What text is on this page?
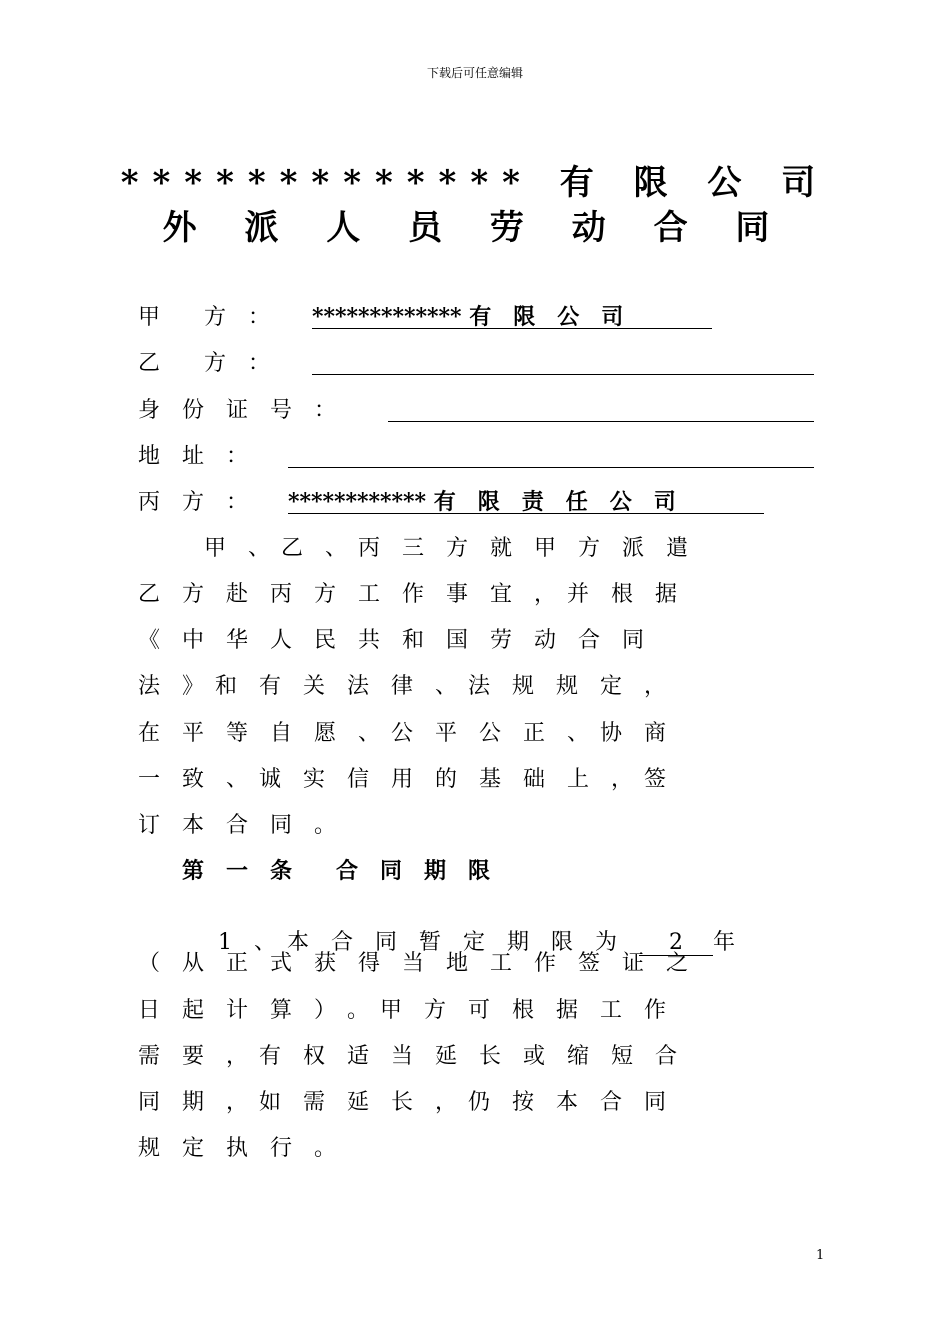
下载后可任意编辑
************* 有 限 公 司
外 派 人 员 劳 动 合 同
甲　　方　： ************* 有　限　公　司
乙　　方　：
身　份　证　号　：
地　址　：
丙　方　： ************ 有　限　责　任　公　司
　　　甲　、　乙　、　丙　三　方　就　甲　方　派　遣
乙　方　赴　丙　方　工　作　事　宜　，　并　根　据
《　中　华　人　民　共　和　国　劳　动　合　同
法　》　和　有　关　法　律　、　法　规　规　定　，
在　平　等　自　愿　、　公　平　公　正　、　协　商
一　致　、　诚　实　信　用　的　基　础　上　，　签
订　本　合　同　。
　　第　一　条　　合　同　期　限

　　　1　、　本　合　同　暂　定　期　限　为　2 年

（　从　正　式　获　得　当　地　工　作　签　证　之
日　起　计　算　）　。　甲　方　可　根　据　工　作
需　要　，　有　权　适　当　延　长　或　缩　短　合
同　期　，　如　需　延　长　，　仍　按　本　合　同
规　定　执　行　。
1
